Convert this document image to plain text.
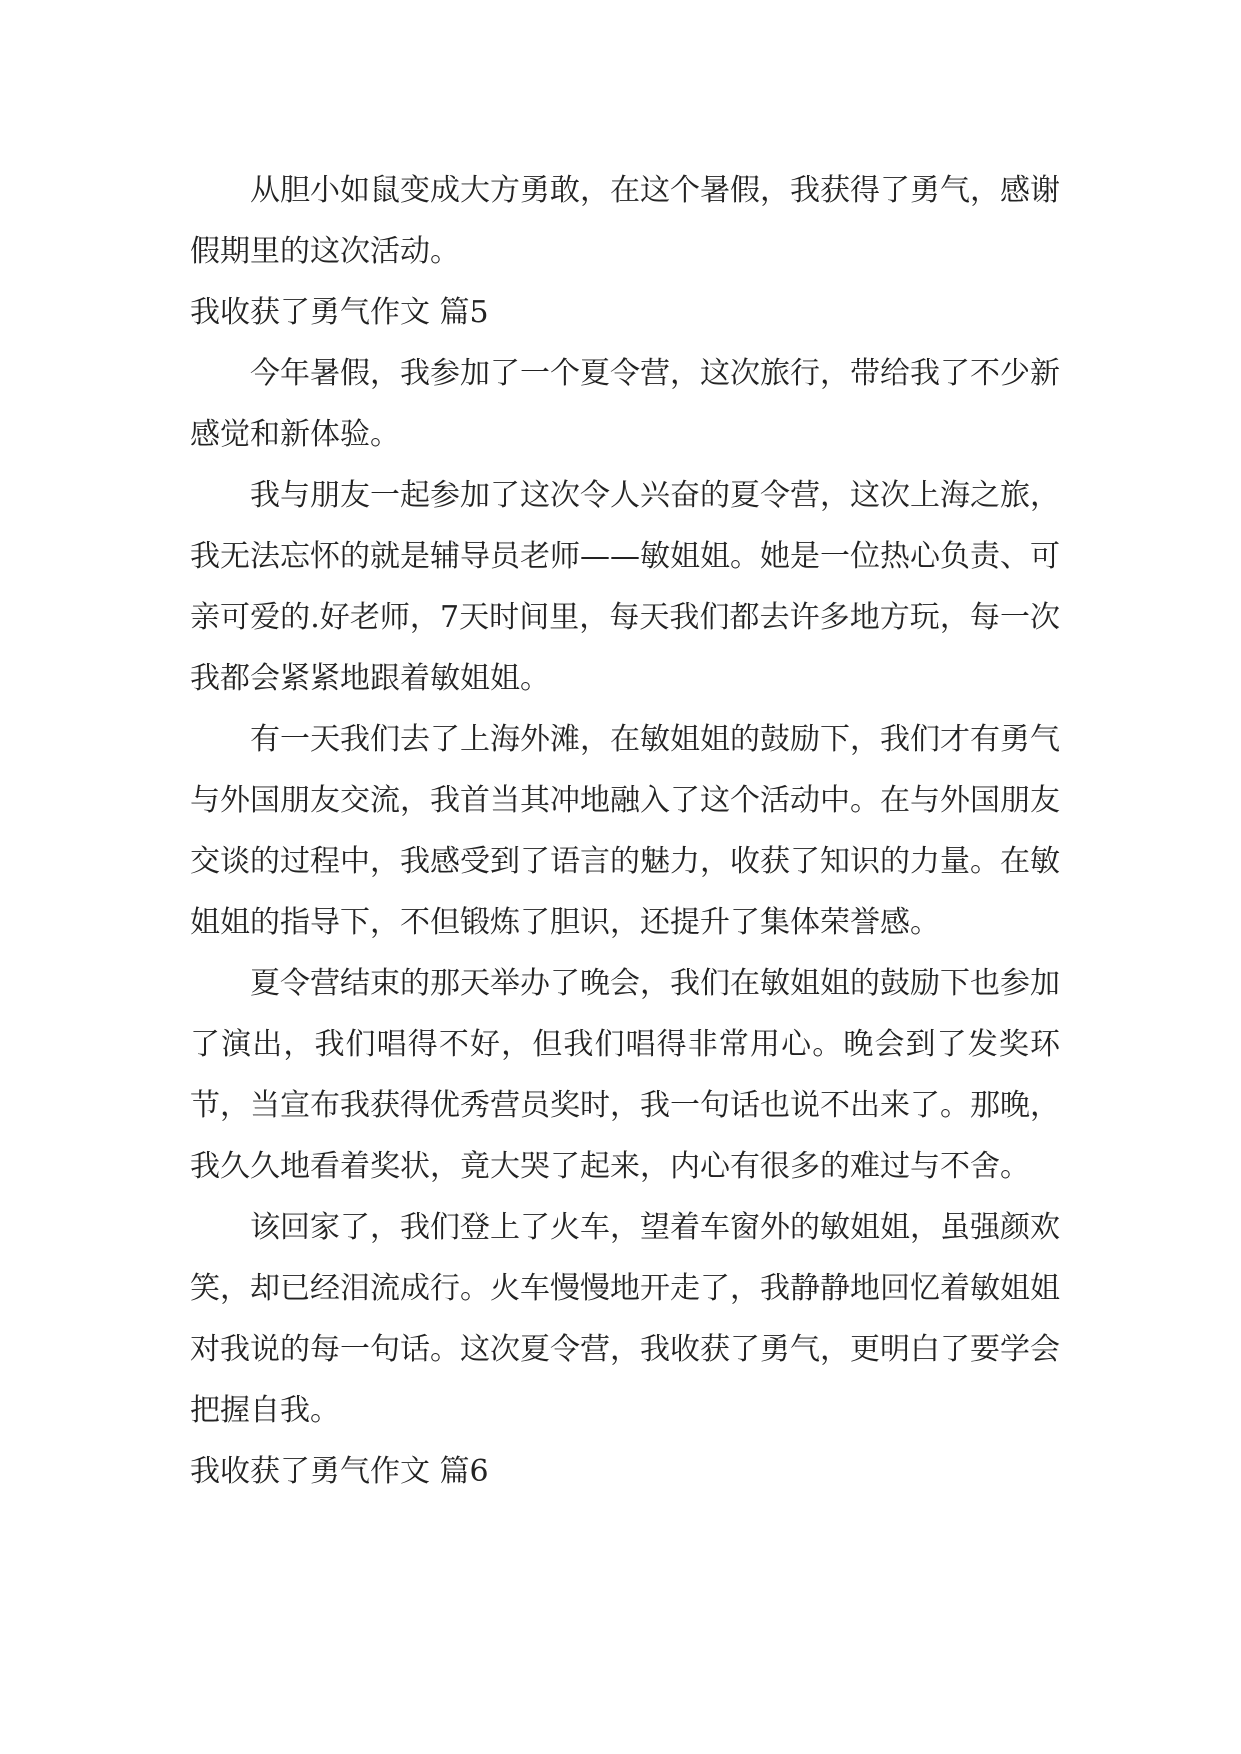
从胆小如鼠变成大方勇敢，在这个暑假，我获得了勇气，感谢假期里的这次活动。

我收获了勇气作文 篇5

今年暑假，我参加了一个夏令营，这次旅行，带给我了不少新感觉和新体验。

我与朋友一起参加了这次令人兴奋的夏令营，这次上海之旅，我无法忘怀的就是辅导员老师——敏姐姐。她是一位热心负责、可亲可爱的.好老师，7天时间里，每天我们都去许多地方玩，每一次我都会紧紧地跟着敏姐姐。

有一天我们去了上海外滩，在敏姐姐的鼓励下，我们才有勇气与外国朋友交流，我首当其冲地融入了这个活动中。在与外国朋友交谈的过程中，我感受到了语言的魅力，收获了知识的力量。在敏姐姐的指导下，不但锻炼了胆识，还提升了集体荣誉感。

夏令营结束的那天举办了晚会，我们在敏姐姐的鼓励下也参加了演出，我们唱得不好，但我们唱得非常用心。晚会到了发奖环节，当宣布我获得优秀营员奖时，我一句话也说不出来了。那晚，我久久地看着奖状，竟大哭了起来，内心有很多的难过与不舍。

该回家了，我们登上了火车，望着车窗外的敏姐姐，虽强颜欢笑，却已经泪流成行。火车慢慢地开走了，我静静地回忆着敏姐姐对我说的每一句话。这次夏令营，我收获了勇气，更明白了要学会把握自我。

我收获了勇气作文 篇6
